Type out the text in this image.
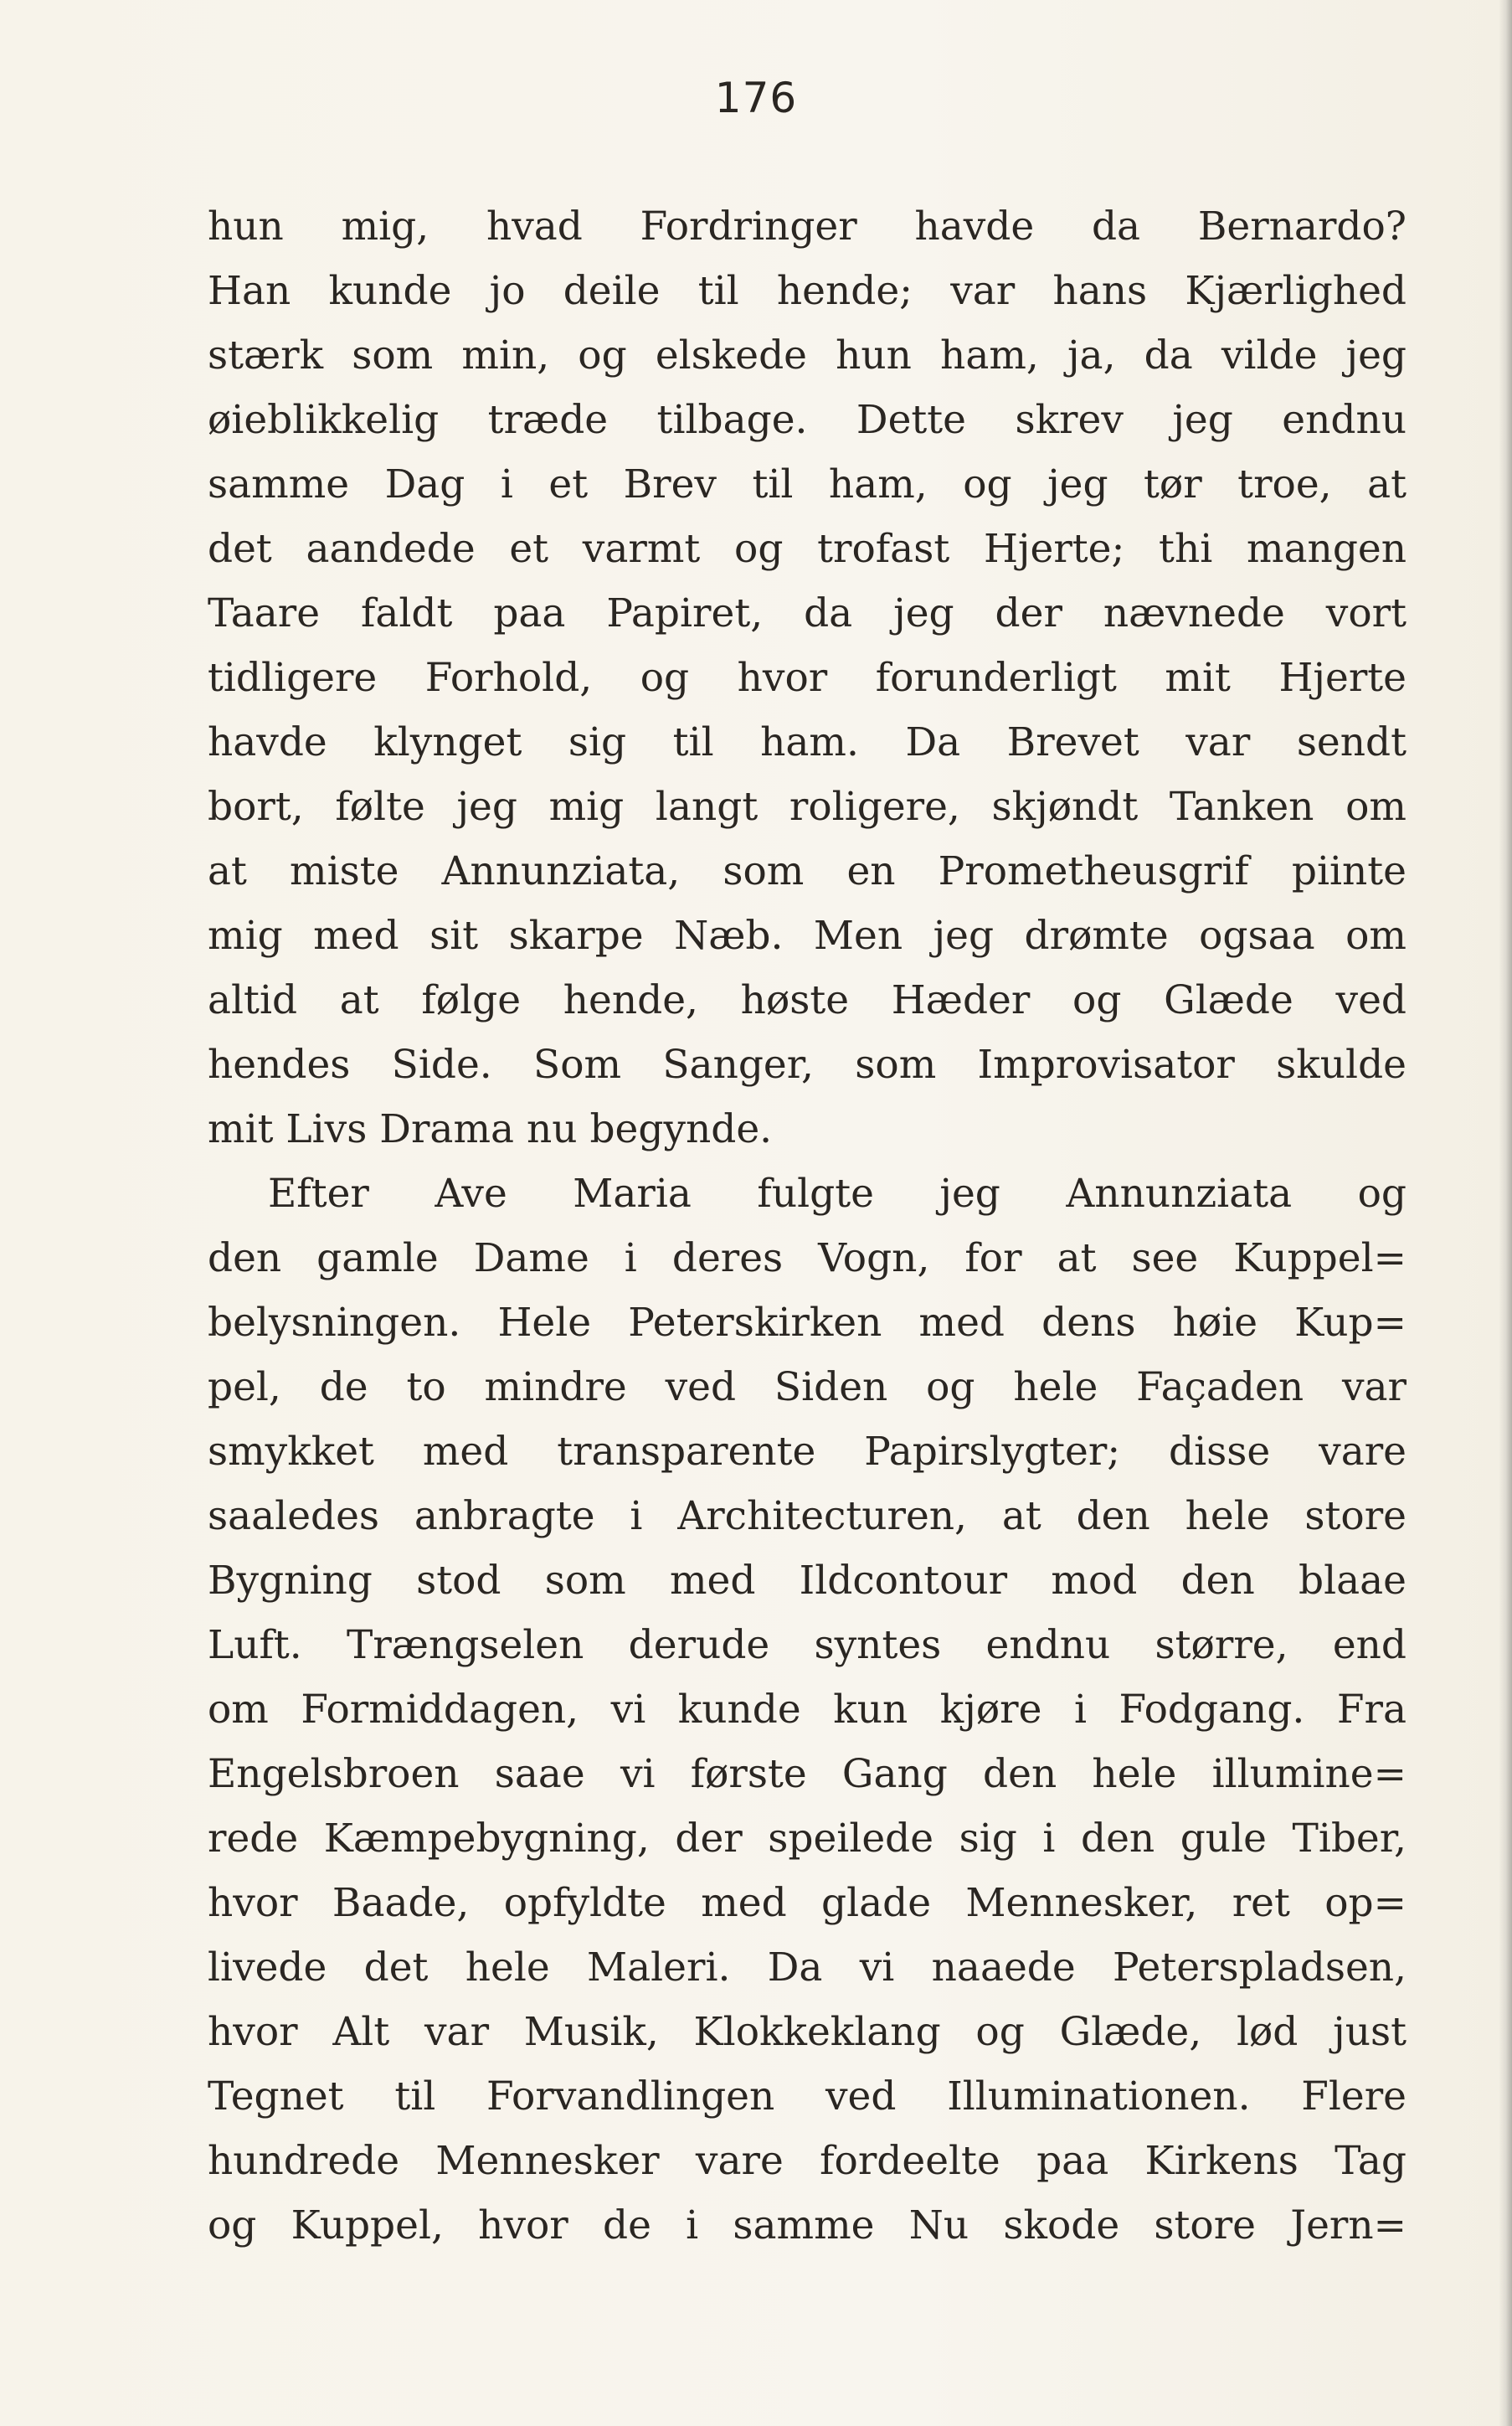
176
hun mig, hvad Fordringer havde da Bernardo?
Han kunde jo deile til hende; var hans Kjærlighed
stærk som min, og elskede hun ham, ja, da vilde jeg
øieblikkelig træde tilbage. Dette skrev jeg endnu
samme Dag i et Brev til ham, og jeg tør troe, at
det aandede et varmt og trofast Hjerte; thi mangen
Taare faldt paa Papiret, da jeg der nævnede vort
tidligere Forhold, og hvor forunderligt mit Hjerte
havde klynget sig til ham. Da Brevet var sendt
bort, følte jeg mig langt roligere, skjøndt Tanken om
at miste Annunziata, som en Prometheusgrif piinte
mig med sit skarpe Næb. Men jeg drømte ogsaa om
altid at følge hende, høste Hæder og Glæde ved
hendes Side. Som Sanger, som Improvisator skulde
mit Livs Drama nu begynde.
Efter Ave Maria fulgte jeg Annunziata og
den gamle Dame i deres Vogn, for at see Kuppel=
belysningen. Hele Peterskirken med dens høie Kup=
pel, de to mindre ved Siden og hele Façaden var
smykket med transparente Papirslygter; disse vare
saaledes anbragte i Architecturen, at den hele store
Bygning stod som med Ildcontour mod den blaae
Luft. Trængselen derude syntes endnu større, end
om Formiddagen, vi kunde kun kjøre i Fodgang. Fra
Engelsbroen saae vi første Gang den hele illumine=
rede Kæmpebygning, der speilede sig i den gule Tiber,
hvor Baade, opfyldte med glade Mennesker, ret op=
livede det hele Maleri. Da vi naaede Peterspladsen,
hvor Alt var Musik, Klokkeklang og Glæde, lød just
Tegnet til Forvandlingen ved Illuminationen. Flere
hundrede Mennesker vare fordeelte paa Kirkens Tag
og Kuppel, hvor de i samme Nu skode store Jern=
